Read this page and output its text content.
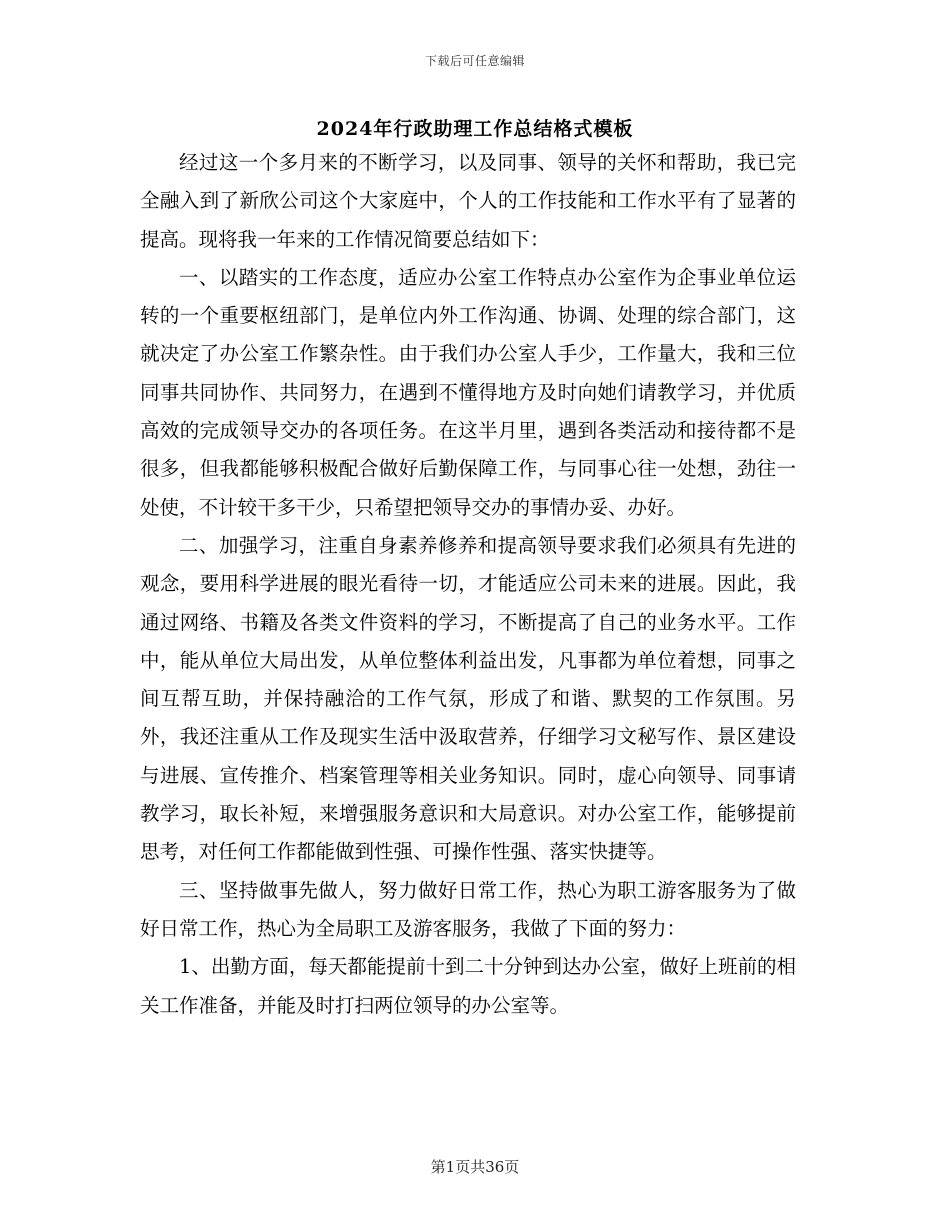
下载后可任意编辑
2024年行政助理工作总结格式模板

经过这一个多月来的不断学习，以及同事、领导的关怀和帮助，我已完全融入到了新欣公司这个大家庭中，个人的工作技能和工作水平有了显著的提高。现将我一年来的工作情况简要总结如下：

一、以踏实的工作态度，适应办公室工作特点办公室作为企事业单位运转的一个重要枢纽部门，是单位内外工作沟通、协调、处理的综合部门，这就决定了办公室工作繁杂性。由于我们办公室人手少，工作量大，我和三位同事共同协作、共同努力，在遇到不懂得地方及时向她们请教学习，并优质高效的完成领导交办的各项任务。在这半月里，遇到各类活动和接待都不是很多，但我都能够积极配合做好后勤保障工作，与同事心往一处想，劲往一处使，不计较干多干少，只希望把领导交办的事情办妥、办好。

二、加强学习，注重自身素养修养和提高领导要求我们必须具有先进的观念，要用科学进展的眼光看待一切，才能适应公司未来的进展。因此，我通过网络、书籍及各类文件资料的学习，不断提高了自己的业务水平。工作中，能从单位大局出发，从单位整体利益出发，凡事都为单位着想，同事之间互帮互助，并保持融洽的工作气氛，形成了和谐、默契的工作氛围。另外，我还注重从工作及现实生活中汲取营养，仔细学习文秘写作、景区建设与进展、宣传推介、档案管理等相关业务知识。同时，虚心向领导、同事请教学习，取长补短，来增强服务意识和大局意识。对办公室工作，能够提前思考，对任何工作都能做到性强、可操作性强、落实快捷等。

三、坚持做事先做人，努力做好日常工作，热心为职工游客服务为了做好日常工作，热心为全局职工及游客服务，我做了下面的努力：

1、出勤方面，每天都能提前十到二十分钟到达办公室，做好上班前的相关工作准备，并能及时打扫两位领导的办公室等。

第1页共36页
